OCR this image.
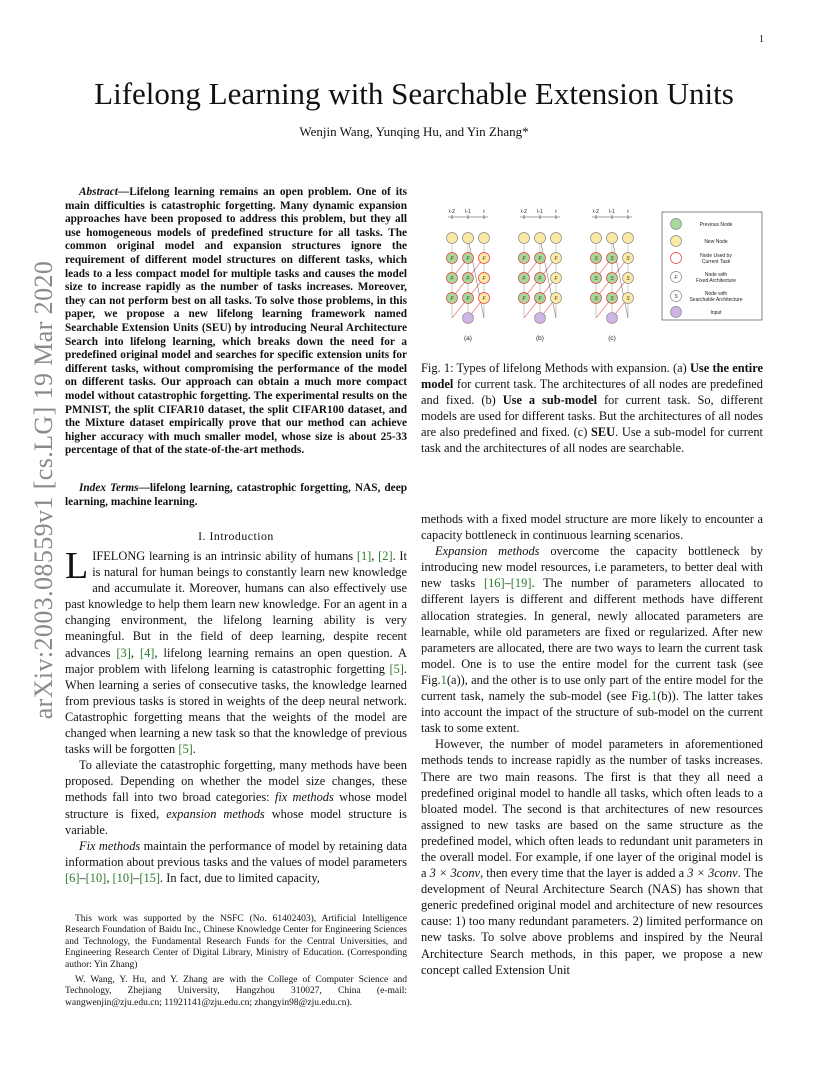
1
arXiv:2003.08559v1 [cs.LG] 19 Mar 2020
Lifelong Learning with Searchable Extension Units
Wenjin Wang, Yunqing Hu, and Yin Zhang*

Abstract—Lifelong learning remains an open problem. One of its main difficulties is catastrophic forgetting. Many dynamic expansion approaches have been proposed to address this problem, but they all use homogeneous models of predefined structure for all tasks. The common original model and expansion structures ignore the requirement of different model structures on different tasks, which leads to a less compact model for multiple tasks and causes the model size to increase rapidly as the number of tasks increases. Moreover, they can not perform best on all tasks. To solve those problems, in this paper, we propose a new lifelong learning framework named Searchable Extension Units (SEU) by introducing Neural Architecture Search into lifelong learning, which breaks down the need for a predefined original model and searches for specific extension units for different tasks, without compromising the performance of the model on different tasks. Our approach can obtain a much more compact model without catastrophic forgetting. The experimental results on the PMNIST, the split CIFAR10 dataset, the split CIFAR100 dataset, and the Mixture dataset empirically prove that our method can achieve higher accuracy with much smaller model, whose size is about 25-33 percentage of that of the state-of-the-art methods.

Index Terms—lifelong learning, catastrophic forgetting, NAS, deep learning, machine learning.

I. Introduction

LIFELONG learning is an intrinsic ability of humans [1], [2]. It is natural for human beings to constantly learn new knowledge and accumulate it. Moreover, humans can also effectively use past knowledge to help them learn new knowledge. For an agent in a changing environment, the lifelong learning ability is very meaningful. But in the field of deep learning, despite recent advances [3], [4], lifelong learning remains an open question. A major problem with lifelong learning is catastrophic forgetting [5]. When learning a series of consecutive tasks, the knowledge learned from previous tasks is stored in weights of the deep neural network. Catastrophic forgetting means that the weights of the model are changed when learning a new task so that the knowledge of previous tasks will be forgotten [5].

To alleviate the catastrophic forgetting, many methods have been proposed. Depending on whether the model size changes, these methods fall into two broad categories: fix methods whose model structure is fixed, expansion methods whose model structure is variable.

Fix methods maintain the performance of model by retaining data information about previous tasks and the values of model parameters [6]–[10], [10]–[15]. In fact, due to limited capacity,

This work was supported by the NSFC (No. 61402403), Artificial Intelligence Research Foundation of Baidu Inc., Chinese Knowledge Center for Engineering Sciences and Technology, the Fundamental Research Funds for the Central Universities, and Engineering Research Center of Digital Library, Ministry of Education. (Corresponding author: Yin Zhang)

W. Wang, Y. Hu, and Y. Zhang are with the College of Computer Science and Technology, Zhejiang University, Hangzhou 310027, China (e-mail: wangwenjin@zju.edu.cn; 11921141@zju.edu.cn; zhangyin98@zju.edu.cn).

t-2 t-1 t
F	F	F
F	F	F
F	F	F
(a)
t-2 t-1 t
F	F	F
F	F	F
F	F	F
(b)
t-2 t-1 t
S	S	S
S	S	S
S	S	S
(c)
Previous Node
New Node
Node Used by Current Task
F	Node with Fixed Architecture
S	Node with Searchable Architecture
Input

Fig. 1: Types of lifelong Methods with expansion. (a) Use the entire model for current task. The architectures of all nodes are predefined and fixed. (b) Use a sub-model for current task. So, different models are used for different tasks. But the architectures of all nodes are also predefined and fixed. (c) SEU. Use a sub-model for current task and the architectures of all nodes are searchable.

methods with a fixed model structure are more likely to encounter a capacity bottleneck in continuous learning scenarios.

Expansion methods overcome the capacity bottleneck by introducing new model resources, i.e parameters, to better deal with new tasks [16]–[19]. The number of parameters allocated to different layers is different and different methods have different allocation strategies. In general, newly allocated parameters are learnable, while old parameters are fixed or regularized. After new parameters are allocated, there are two ways to learn the current task model. One is to use the entire model for the current task (see Fig.1(a)), and the other is to use only part of the entire model for the current task, namely the sub-model (see Fig.1(b)). The latter takes into account the impact of the structure of sub-model on the current task to some extent.

However, the number of model parameters in aforementioned methods tends to increase rapidly as the number of tasks increases. There are two main reasons. The first is that they all need a predefined original model to handle all tasks, which often leads to a bloated model. The second is that architectures of new resources assigned to new tasks are based on the same structure as the predefined model, which often leads to redundant unit parameters in the overall model. For example, if one layer of the original model is a 3 × 3conv, then every time that the layer is added a 3 × 3conv. The development of Neural Architecture Search (NAS) has shown that generic predefined original model and architecture of new resources cause: 1) too many redundant parameters. 2) limited performance on new tasks. To solve above problems and inspired by the Neural Architecture Search methods, in this paper, we propose a new concept called Extension Unit
